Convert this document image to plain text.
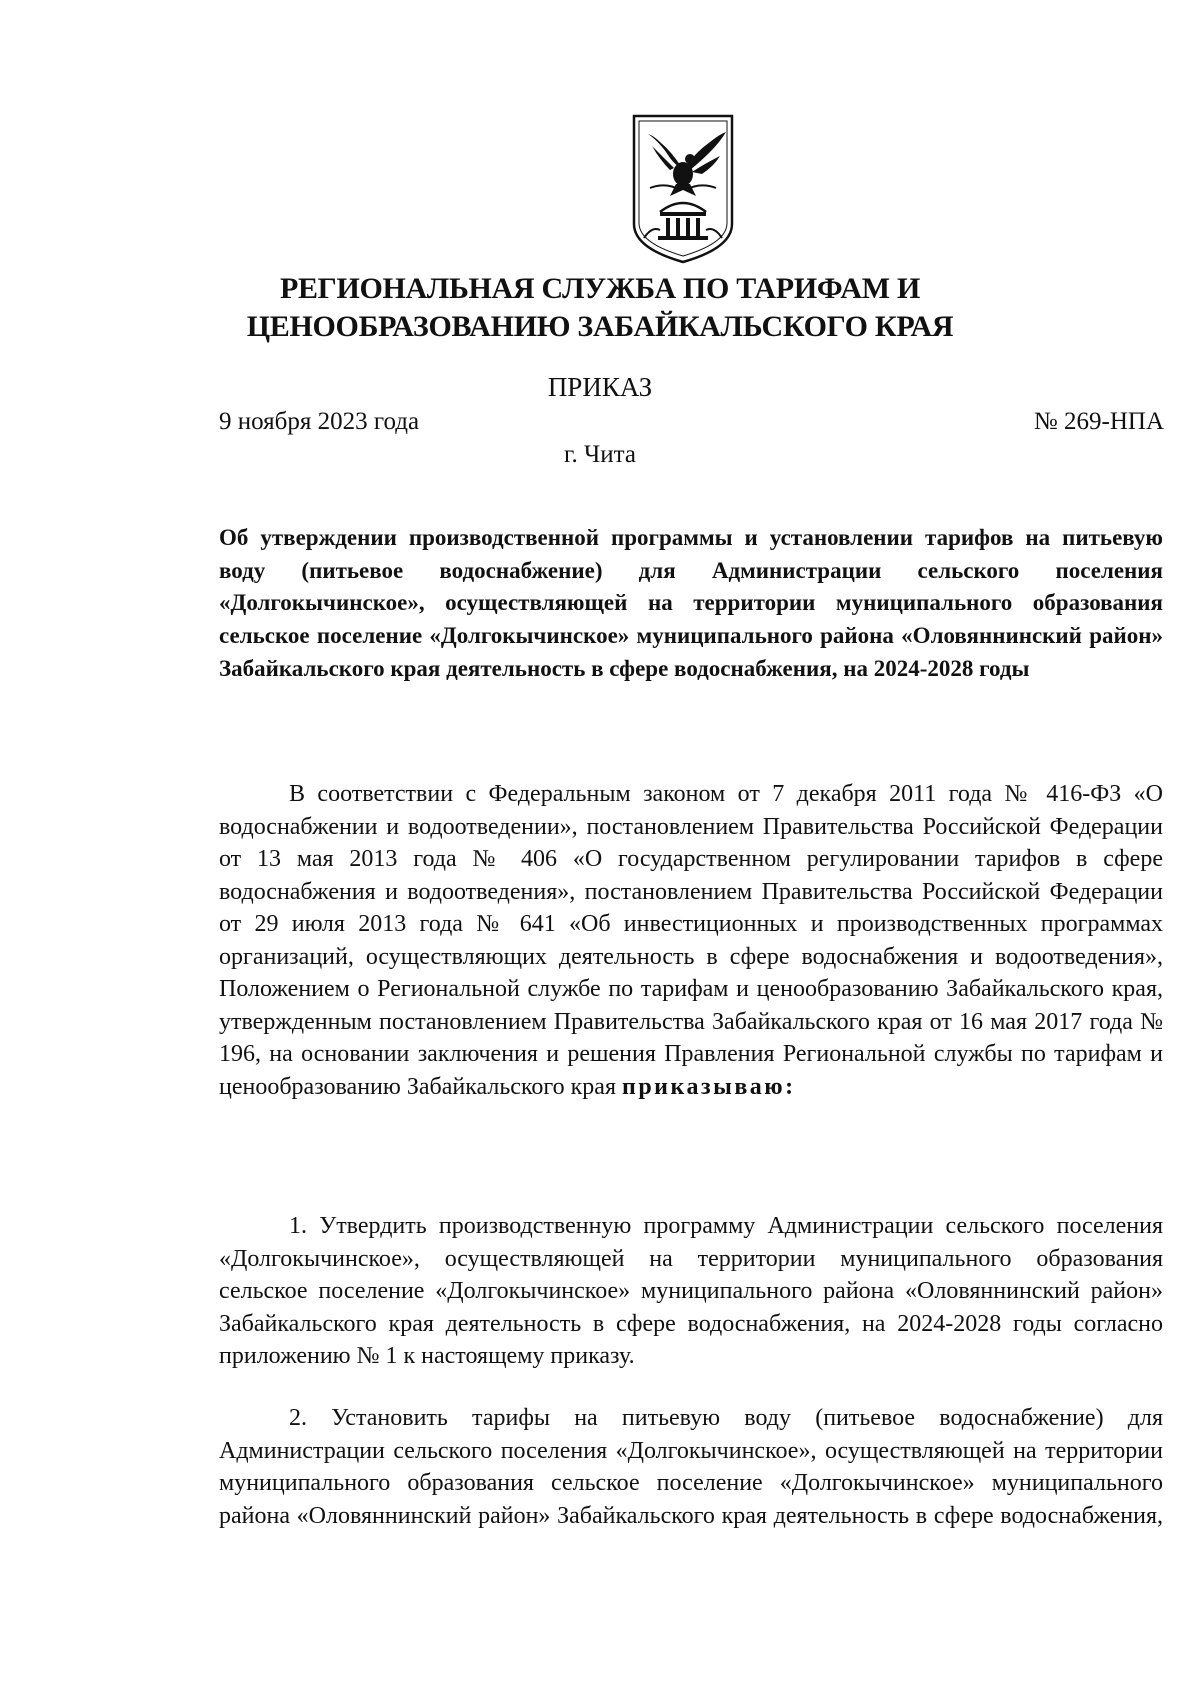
РЕГИОНАЛЬНАЯ СЛУЖБА ПО ТАРИФАМ И
ЦЕНООБРАЗОВАНИЮ ЗАБАЙКАЛЬСКОГО КРАЯ
ПРИКАЗ
9 ноября 2023 года	№ 269-НПА
г. Чита
Об утверждении производственной программы и установлении тарифов на питьевую воду (питьевое водоснабжение) для Администрации сельского поселения «Долгокычинское», осуществляющей на территории муниципального образования сельское поселение «Долгокычинское» муниципального района «Оловяннинский район» Забайкальского края деятельность в сфере водоснабжения, на 2024-2028 годы
В соответствии с Федеральным законом от 7 декабря 2011 года № 416-ФЗ «О водоснабжении и водоотведении», постановлением Правительства Российской Федерации от 13 мая 2013 года № 406 «О государственном регулировании тарифов в сфере водоснабжения и водоотведения», постановлением Правительства Российской Федерации от 29 июля 2013 года № 641 «Об инвестиционных и производственных программах организаций, осуществляющих деятельность в сфере водоснабжения и водоотведения», Положением о Региональной службе по тарифам и ценообразованию Забайкальского края, утвержденным постановлением Правительства Забайкальского края от 16 мая 2017 года № 196, на основании заключения и решения Правления Региональной службы по тарифам и ценообразованию Забайкальского края приказываю:
1. Утвердить производственную программу Администрации сельского поселения «Долгокычинское», осуществляющей на территории муниципального образования сельское поселение «Долгокычинское» муниципального района «Оловяннинский район» Забайкальского края деятельность в сфере водоснабжения, на 2024-2028 годы согласно приложению № 1 к настоящему приказу.
2. Установить тарифы на питьевую воду (питьевое водоснабжение) для Администрации сельского поселения «Долгокычинское», осуществляющей на территории муниципального образования сельское поселение «Долгокычинское» муниципального района «Оловяннинский район» Забайкальского края деятельность в сфере водоснабжения,
